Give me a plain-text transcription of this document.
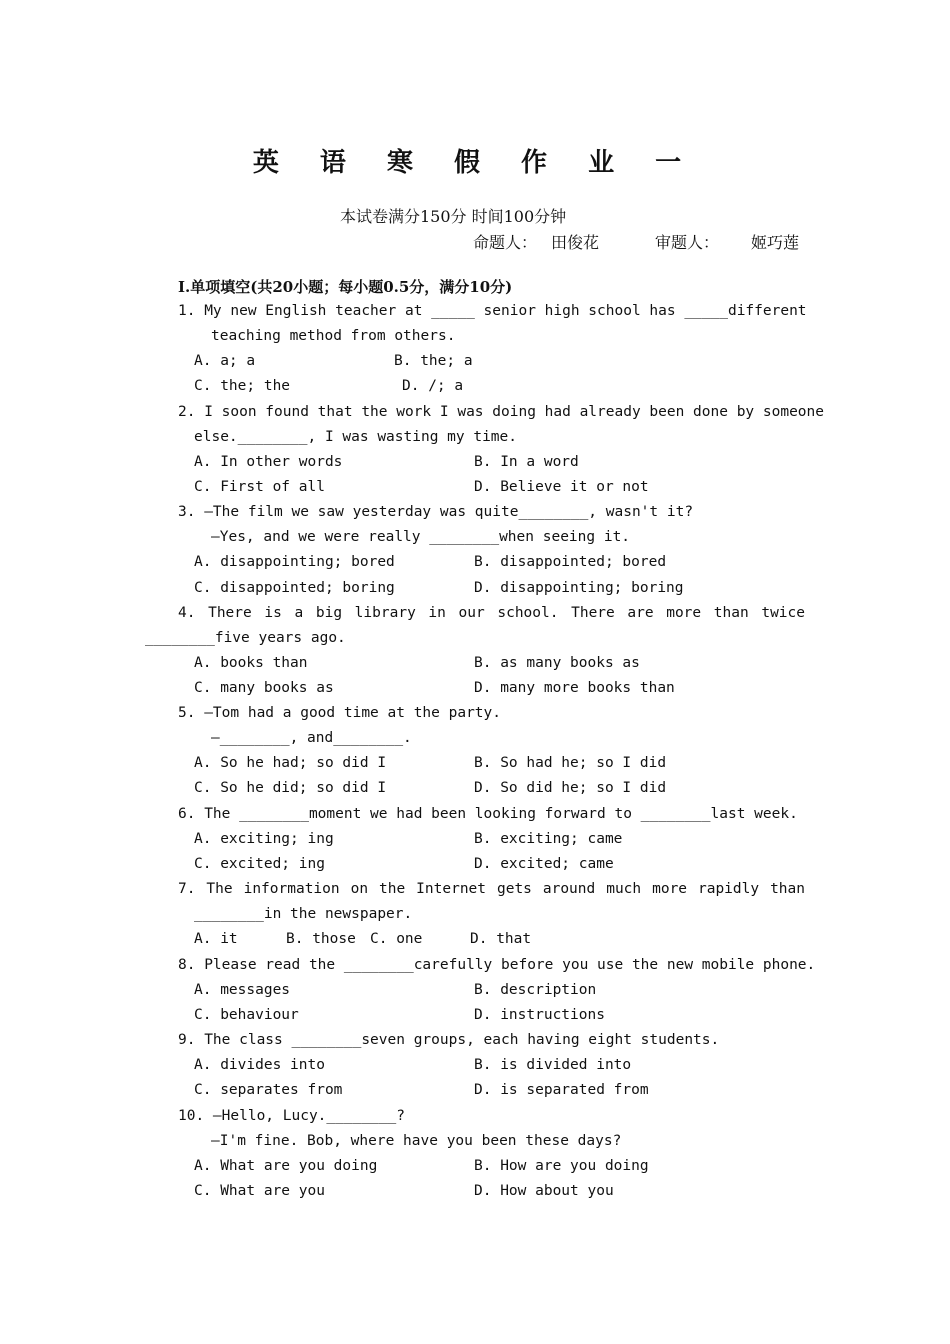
英 语 寒 假 作 业 一
本试卷满分150分 时间100分钟
命题人： 田俊花	审题人： 姬巧莲
Ⅰ.单项填空(共20小题；每小题0.5分，满分10分)
1. My new English teacher at _____ senior high school has _____different
teaching method from others.
A. a; a	B. the; a
C. the; the	D. /; a
2. I soon found that the work I was doing had already been done by someone
else.________, I was wasting my time.
A. In other words	B. In a word
C. First of all	D. Believe it or not
3. —The film we saw yesterday was quite________, wasn't it?
—Yes, and we were really ________when seeing it.
A. disappointing; bored	B. disappointed; bored
C. disappointed; boring	D. disappointing; boring
4. There is a big library in our school. There are more than twice
________five years ago.
A. books than	B. as many books as
C. many books as	D. many more books than
5. —Tom had a good time at the party.
—________, and________.
A. So he had; so did I	B. So had he; so I did
C. So he did; so did I	D. So did he; so I did
6. The ________moment we had been looking forward to ________last week.
A. exciting; ing	B. exciting; came
C. excited; ing	D. excited; came
7. The information on the Internet gets around much more rapidly than
________in the newspaper.
A. it	B. those C. one	D. that
8. Please read the ________carefully before you use the new mobile phone.
A. messages	B. description
C. behaviour	D. instructions
9. The class ________seven groups, each having eight students.
A. divides into	B. is divided into
C. separates from	D. is separated from
10. —Hello, Lucy.________?
—I'm fine. Bob, where have you been these days?
A. What are you doing	B. How are you doing
C. What are you	D. How about you
